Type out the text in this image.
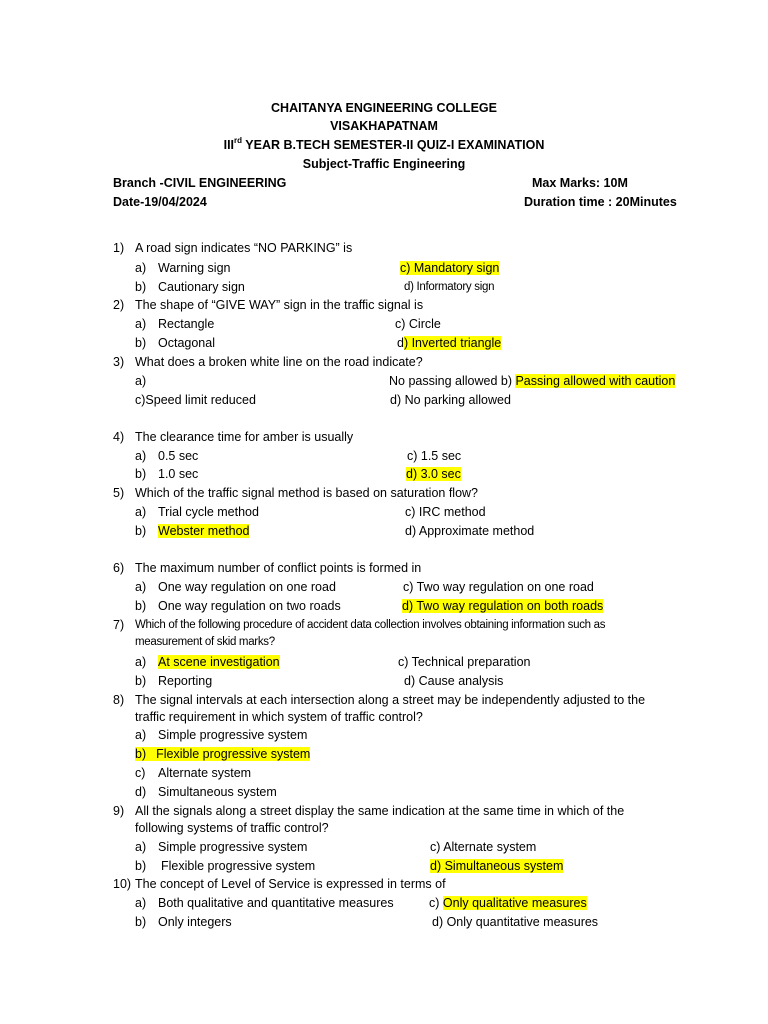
CHAITANYA ENGINEERING COLLEGE
VISAKHAPATNAM
IIIrd YEAR B.TECH SEMESTER-II QUIZ-I EXAMINATION
Subject-Traffic Engineering
Branch -CIVIL ENGINEERING	Max Marks: 10M
Date-19/04/2024	Duration time : 20Minutes
1) A road sign indicates “NO PARKING” is
a) Warning sign	c) Mandatory sign
b) Cautionary sign	d) Informatory sign
2) The shape of “GIVE WAY” sign in the traffic signal is
a) Rectangle	c) Circle
b) Octagonal	d) Inverted triangle
3) What does a broken white line on the road indicate?
a)	No passing allowed b) Passing allowed with caution
c)Speed limit reduced	d) No parking allowed
4) The clearance time for amber is usually
a) 0.5 sec	c) 1.5 sec
b) 1.0 sec	d) 3.0 sec
5) Which of the traffic signal method is based on saturation flow?
a) Trial cycle method	c) IRC method
b) Webster method	d) Approximate method
6) The maximum number of conflict points is formed in
a) One way regulation on one road	c) Two way regulation on one road
b) One way regulation on two roads	d) Two way regulation on both roads
7) Which of the following procedure of accident data collection involves obtaining information such as
measurement of skid marks?
a) At scene investigation	c) Technical preparation
b) Reporting	d) Cause analysis
8) The signal intervals at each intersection along a street may be independently adjusted to the
traffic requirement in which system of traffic control?
a) Simple progressive system
b) Flexible progressive system
c) Alternate system
d) Simultaneous system
9) All the signals along a street display the same indication at the same time in which of the
following systems of traffic control?
a) Simple progressive system	c) Alternate system
b) Flexible progressive system	d) Simultaneous system
10) The concept of Level of Service is expressed in terms of
a) Both qualitative and quantitative measures	c) Only qualitative measures
b) Only integers	d) Only quantitative measures
